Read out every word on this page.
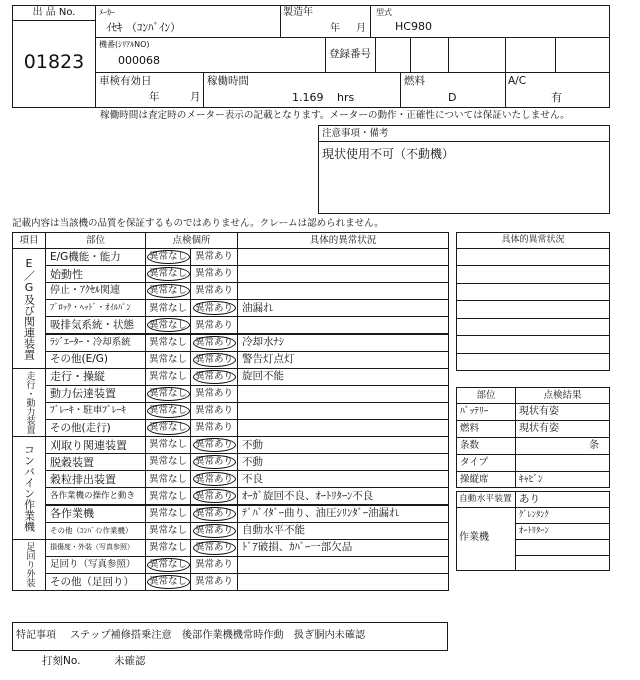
出 品 No.
01823
ﾒｰｶｰ
ｲｾｷ （ｺﾝﾊﾞｲﾝ）
製造年
年 月
型式
HC980
機番(ｼﾘｱﾙNO)
000068	登録番号
車検有効日
年	月
稼働時間
1.169 hrs
燃料
D
A/C
有
稼働時間は査定時のメーター表示の記載となります。メーターの動作・正確性については保証いたしません。
注意事項・備考
現状使用不可（不動機）
記載内容は当該機の品質を保証するものではありません。クレームは認められません。
具体的異常状況
部位	点検結果
ﾊﾞｯﾃﾘｰ	現状有姿
燃料	現状有姿
条数	条
タイプ
操縦席	ｷｬﾋﾞﾝ
自動水平装置 あり
作業機
ｸﾞﾚﾝﾀﾝｸ
ｵｰﾄﾘﾀｰﾝ
特記事項 ステップ補修搭乗注意　後部作業機機常時作動　扱ぎ胴内未確認
打刻No.	未確認
項目	部位	点検個所	具体的異常状況
E／G及び関連装置
E/G機能・能力	異常なし 異常あり
始動性	異常なし 異常あり
停止・ｱｸｾﾙ関連	異常なし 異常あり
ﾌﾞﾛｯｸ・ﾍｯﾄﾞ・ｵｲﾙﾊﾟﾝ 異常なし 異常あり 油漏れ
吸排気系統・状態 異常なし 異常あり
ﾗｼﾞｴｰﾀｰ・冷却系統 異常なし 異常あり 冷却水ﾅｼ
その他(E/G)	異常なし 異常あり 警告灯点灯
走行・動力装置	走行・操縦	異常なし 異常あり 旋回不能
動力伝達装置	異常なし 異常あり
ﾌﾞﾚｰｷ・駐車ﾌﾞﾚｰｷ 異常なし 異常あり
その他(走行)	異常なし 異常あり
コンバイン作業機	刈取り関連装置 異常なし 異常あり 不動
脱穀装置	異常なし 異常あり 不動
穀粒排出装置	異常なし 異常あり 不良
各作業機の操作と動き 異常なし 異常あり ｵｰｶﾞ旋回不良、ｵｰﾄﾘﾀｰﾝ不良
各作業機	異常なし 異常あり ﾃﾞﾊﾞｲﾀﾞｰ曲り、油圧ｼﾘﾝﾀﾞｰ油漏れ
その他（ｺﾝﾊﾞｲﾝ作業機） 異常なし 異常あり 自動水平不能
足回り外装	損傷度・外装（写真参照） 異常なし 異常あり ﾄﾞｱ破損、ｶﾊﾞｰ一部欠品
足回り（写真参照） 異常なし 異常あり
その他（足回り） 異常なし 異常あり
